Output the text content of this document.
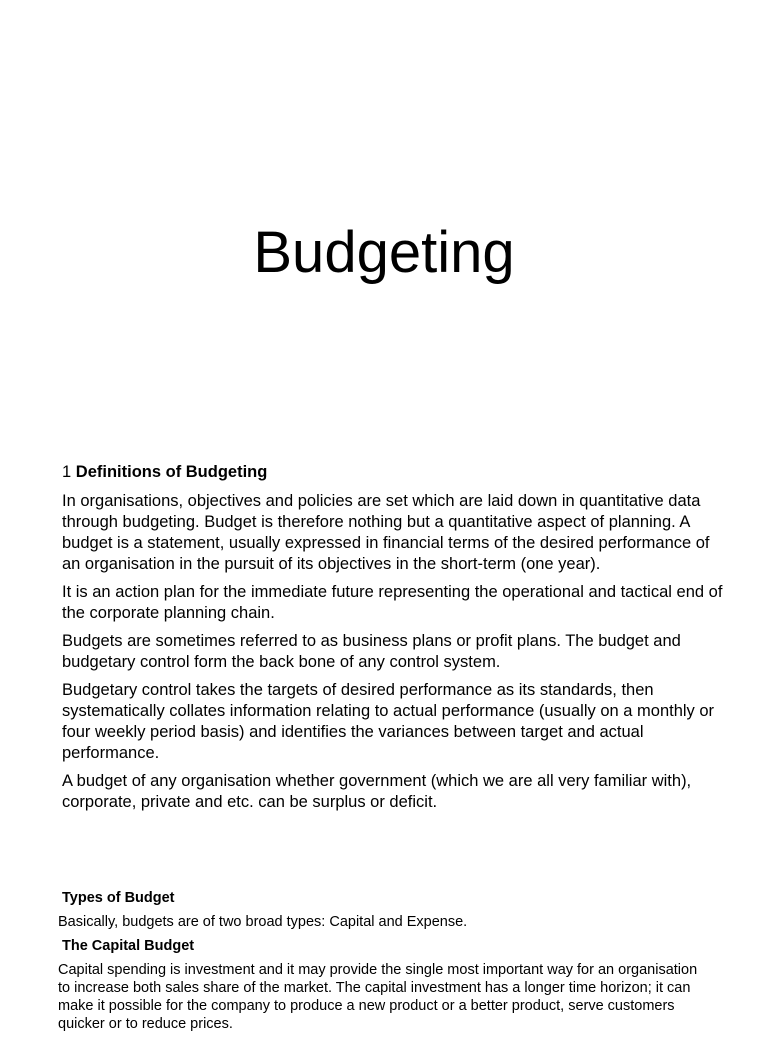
Budgeting
1 Definitions of Budgeting

In organisations, objectives and policies are set which are laid down in quantitative data through budgeting. Budget is therefore nothing but a quantitative aspect of planning. A budget is a statement, usually expressed in financial terms of the desired performance of an organisation in the pursuit of its objectives in the short-term (one year).

It is an action plan for the immediate future representing the operational and tactical end of the corporate planning chain.

Budgets are sometimes referred to as business plans or profit plans. The budget and budgetary control form the back bone of any control system.

Budgetary control takes the targets of desired performance as its standards, then systematically collates information relating to actual performance (usually on a monthly or four weekly period basis) and identifies the variances between target and actual performance.

A budget of any organisation whether government (which we are all very familiar with), corporate, private and etc. can be surplus or deficit.

Types of Budget

Basically, budgets are of two broad types: Capital and Expense.

The Capital Budget

Capital spending is investment and it may provide the single most important way for an organisation to increase both sales share of the market. The capital investment has a longer time horizon; it can make it possible for the company to produce a new product or a better product, serve customers quicker or to reduce prices.
